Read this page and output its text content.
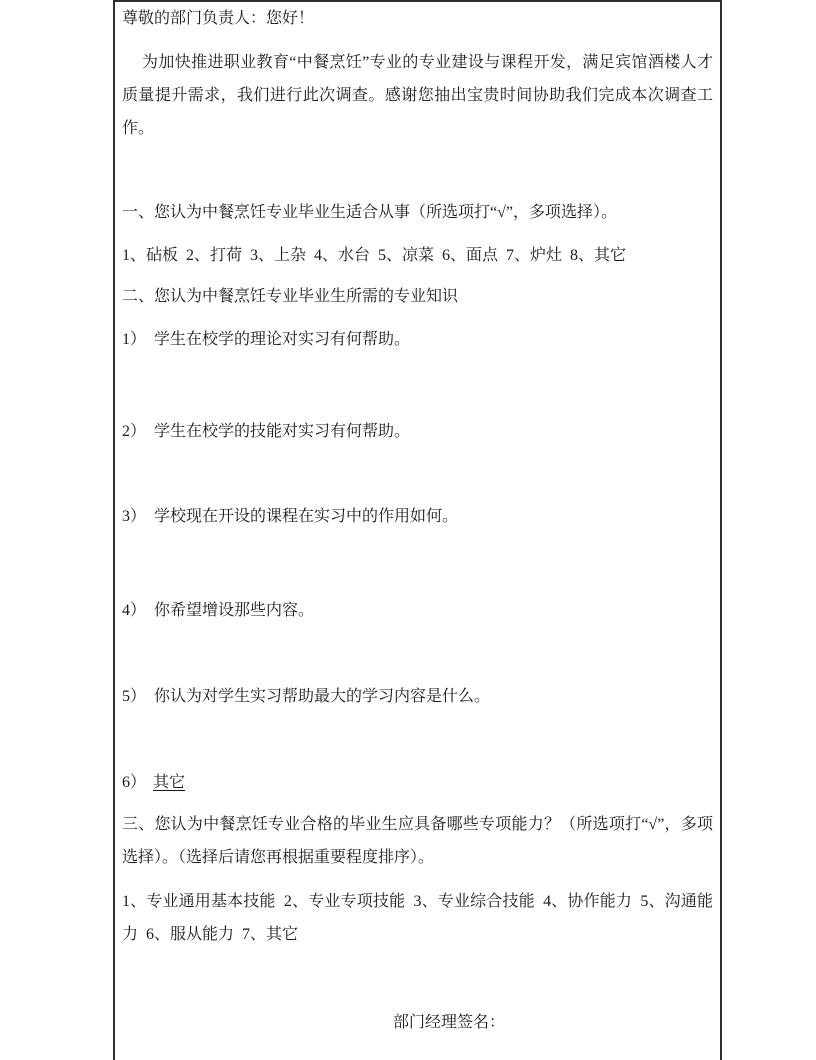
尊敬的部门负责人：您好！

为加快推进职业教育“中餐烹饪”专业的专业建设与课程开发，满足宾馆酒楼人才质量提升需求，我们进行此次调查。感谢您抽出宝贵时间协助我们完成本次调查工作。

一、您认为中餐烹饪专业毕业生适合从事（所选项打“√”，多项选择）。

1、砧板  2、打荷  3、上杂  4、水台  5、凉菜  6、面点  7、炉灶  8、其它

二、您认为中餐烹饪专业毕业生所需的专业知识

1）　学生在校学的理论对实习有何帮助。

2）　学生在校学的技能对实习有何帮助。

3）　学校现在开设的课程在实习中的作用如何。

4）　你希望增设那些内容。

5）　你认为对学生实习帮助最大的学习内容是什么。

6） 其它

三、您认为中餐烹饪专业合格的毕业生应具备哪些专项能力？（所选项打“√”，多项选择）。（选择后请您再根据重要程度排序）。

1、专业通用基本技能  2、专业专项技能  3、专业综合技能  4、协作能力  5、沟通能力  6、服从能力  7、其它

部门经理签名：
